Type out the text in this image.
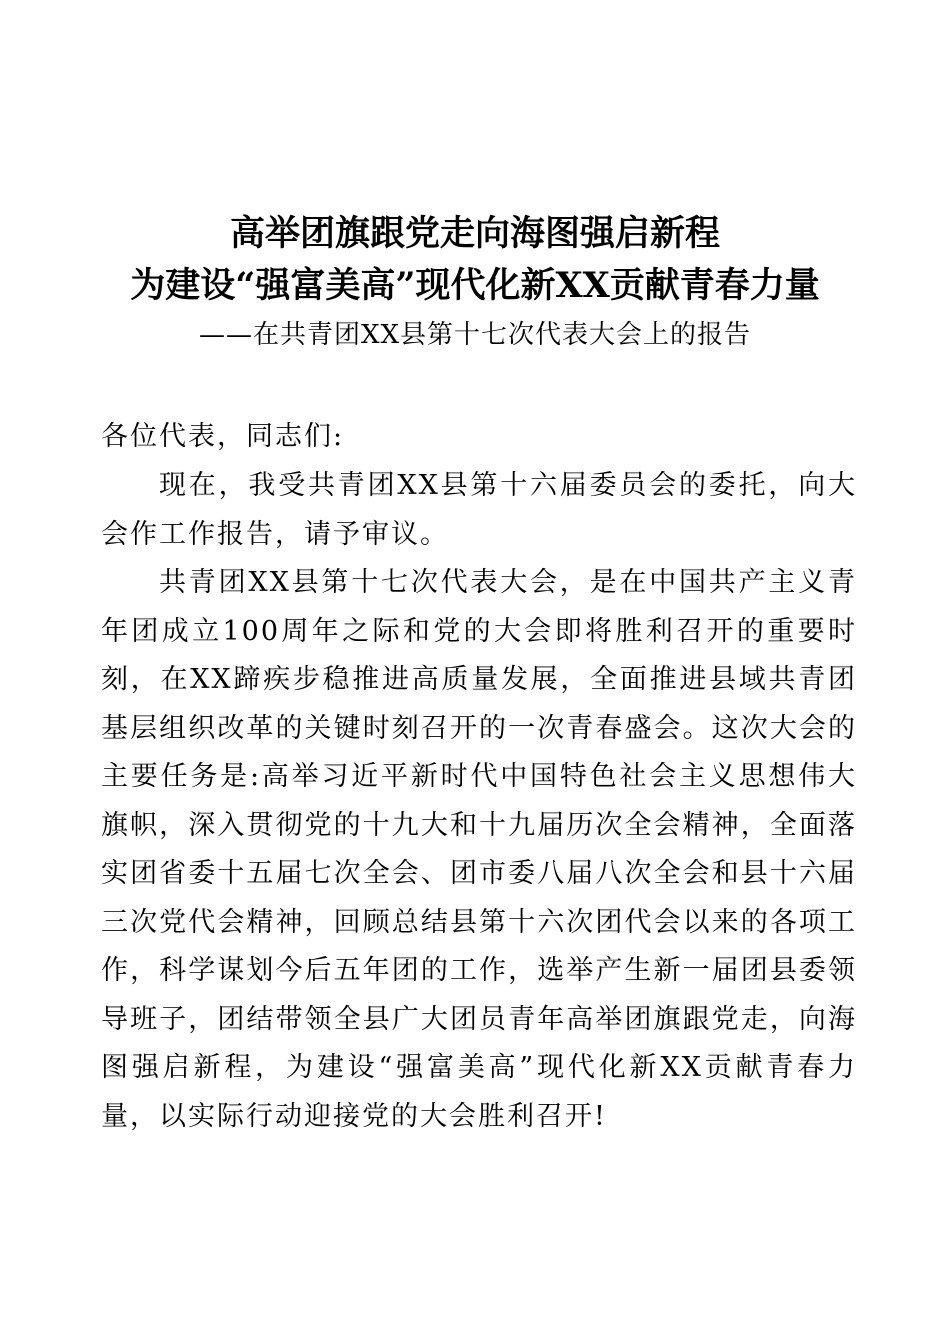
高举团旗跟党走向海图强启新程
为建设“强富美高”现代化新XX贡献青春力量

——在共青团XX县第十七次代表大会上的报告

各位代表，同志们:

现在，我受共青团XX县第十六届委员会的委托，向大会作工作报告，请予审议。

共青团XX县第十七次代表大会，是在中国共产主义青年团成立100周年之际和党的大会即将胜利召开的重要时刻，在XX蹄疾步稳推进高质量发展，全面推进县域共青团基层组织改革的关键时刻召开的一次青春盛会。这次大会的主要任务是:高举习近平新时代中国特色社会主义思想伟大旗帜，深入贯彻党的十九大和十九届历次全会精神，全面落实团省委十五届七次全会、团市委八届八次全会和县十六届三次党代会精神，回顾总结县第十六次团代会以来的各项工作，科学谋划今后五年团的工作，选举产生新一届团县委领导班子，团结带领全县广大团员青年高举团旗跟党走，向海图强启新程，为建设“强富美高”现代化新XX贡献青春力量，以实际行动迎接党的大会胜利召开!
